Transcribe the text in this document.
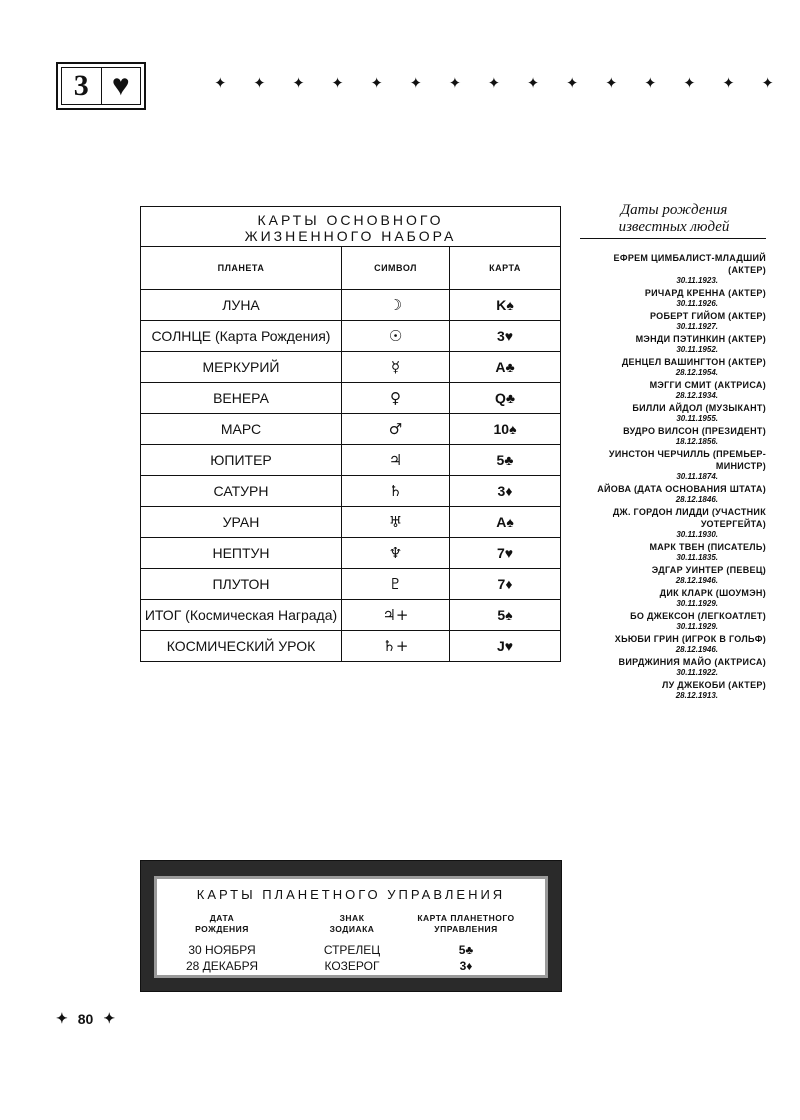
3 ♥	✦ ✦ ✦ ✦ ✦ ✦ ✦ ✦ ✦ ✦ ✦ ✦ ✦ ✦ ✦
КАРТЫ ОСНОВНОГО
ЖИЗНЕННОГО НАБОРА		

ПЛАНЕТА	СИМВОЛ	КАРТА
ЛУНА	☽	K♠
СОЛНЦЕ (Карта Рождения)	☉	3♥
МЕРКУРИЙ	☿	A♣
ВЕНЕРА	♀	Q♣
МАРС	♂	10♠
ЮПИТЕР	♃	5♣
САТУРН	♄	3♦
УРАН	♅	A♠
НЕПТУН	♆	7♥
ПЛУТОН	♇	7♦
ИТОГ (Космическая Награда)	♃+	5♠
КОСМИЧЕСКИЙ УРОК	♄+	J♥
Даты рождения
известных людей
ЕФРЕМ ЦИМБАЛИСТ-МЛАДШИЙ (АКТЕР)
30.11.1923.
РИЧАРД КРЕННА (АКТЕР)
30.11.1926.
РОБЕРТ ГИЙОМ (АКТЕР)
30.11.1927.
МЭНДИ ПЭТИНКИН (АКТЕР)
30.11.1952.
ДЕНЦЕЛ ВАШИНГТОН (АКТЕР)
28.12.1954.
МЭГГИ СМИТ (АКТРИСА)
28.12.1934.
БИЛЛИ АЙДОЛ (МУЗЫКАНТ)
30.11.1955.
ВУДРО ВИЛСОН (ПРЕЗИДЕНТ)
18.12.1856.
УИНСТОН ЧЕРЧИЛЛЬ (ПРЕМЬЕР-МИНИСТР)
30.11.1874.
АЙОВА (ДАТА ОСНОВАНИЯ ШТАТА)
28.12.1846.
ДЖ. ГОРДОН ЛИДДИ (УЧАСТНИК УОТЕРГЕЙТА)
30.11.1930.
МАРК ТВЕН (ПИСАТЕЛЬ)
30.11.1835.
ЭДГАР УИНТЕР (ПЕВЕЦ)
28.12.1946.
ДИК КЛАРК (ШОУМЭН)
30.11.1929.
БО ДЖЕКСОН (ЛЕГКОАТЛЕТ)
30.11.1929.
ХЬЮБИ ГРИН (ИГРОК В ГОЛЬФ)
28.12.1946.
ВИРДЖИНИЯ МАЙО (АКТРИСА)
30.11.1922.
ЛУ ДЖЕКОБИ (АКТЕР)
28.12.1913.
КАРТЫ ПЛАНЕТНОГО УПРАВЛЕНИЯ
ДАТА
РОЖДЕНИЯ
ЗНАК
ЗОДИАКА
КАРТА ПЛАНЕТНОГО
УПРАВЛЕНИЯ
30 НОЯБРЯ	СТРЕЛЕЦ	5♣
28 ДЕКАБРЯ	КОЗЕРОГ	3♦
✦ 80 ✦
